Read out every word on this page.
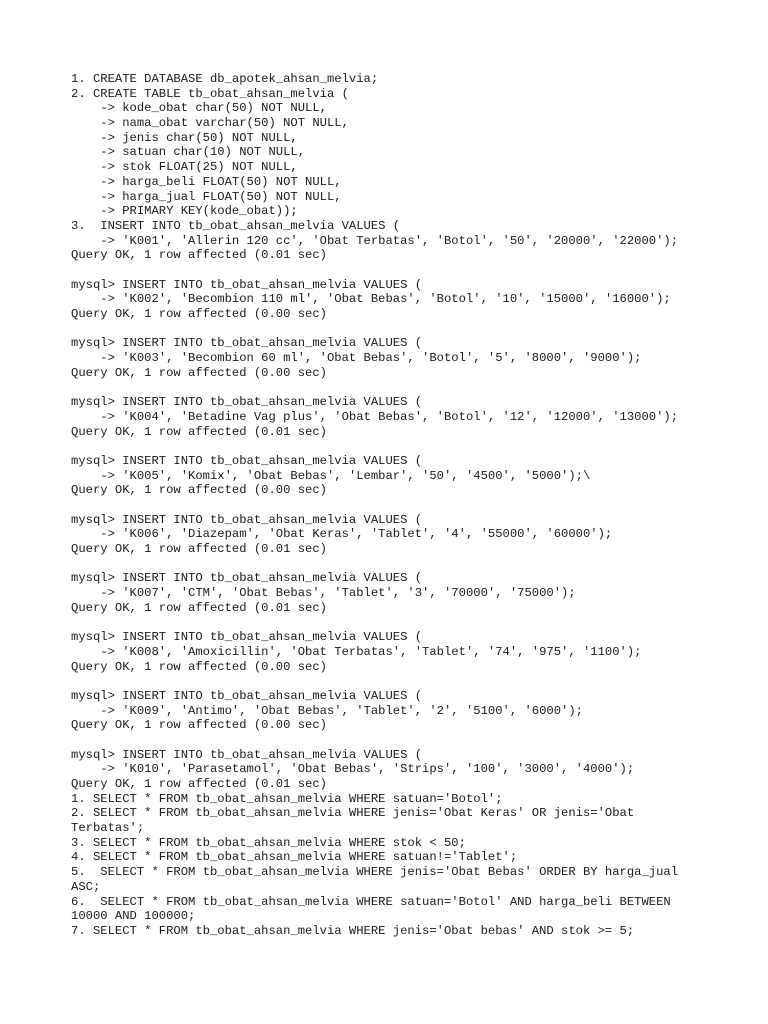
1. CREATE DATABASE db_apotek_ahsan_melvia;
2. CREATE TABLE tb_obat_ahsan_melvia (
-> kode_obat char(50) NOT NULL,
-> nama_obat varchar(50) NOT NULL,
-> jenis char(50) NOT NULL,
-> satuan char(10) NOT NULL,
-> stok FLOAT(25) NOT NULL,
-> harga_beli FLOAT(50) NOT NULL,
-> harga_jual FLOAT(50) NOT NULL,
-> PRIMARY KEY(kode_obat));
3.  INSERT INTO tb_obat_ahsan_melvia VALUES (
-> 'K001', 'Allerin 120 cc', 'Obat Terbatas', 'Botol', '50', '20000', '22000');
Query OK, 1 row affected (0.01 sec)
mysql> INSERT INTO tb_obat_ahsan_melvia VALUES (
-> 'K002', 'Becombion 110 ml', 'Obat Bebas', 'Botol', '10', '15000', '16000');
Query OK, 1 row affected (0.00 sec)
mysql> INSERT INTO tb_obat_ahsan_melvia VALUES (
-> 'K003', 'Becombion 60 ml', 'Obat Bebas', 'Botol', '5', '8000', '9000');
Query OK, 1 row affected (0.00 sec)
mysql> INSERT INTO tb_obat_ahsan_melvia VALUES (
-> 'K004', 'Betadine Vag plus', 'Obat Bebas', 'Botol', '12', '12000', '13000');
Query OK, 1 row affected (0.01 sec)
mysql> INSERT INTO tb_obat_ahsan_melvia VALUES (
-> 'K005', 'Komix', 'Obat Bebas', 'Lembar', '50', '4500', '5000');\
Query OK, 1 row affected (0.00 sec)
mysql> INSERT INTO tb_obat_ahsan_melvia VALUES (
-> 'K006', 'Diazepam', 'Obat Keras', 'Tablet', '4', '55000', '60000');
Query OK, 1 row affected (0.01 sec)
mysql> INSERT INTO tb_obat_ahsan_melvia VALUES (
-> 'K007', 'CTM', 'Obat Bebas', 'Tablet', '3', '70000', '75000');
Query OK, 1 row affected (0.01 sec)
mysql> INSERT INTO tb_obat_ahsan_melvia VALUES (
-> 'K008', 'Amoxicillin', 'Obat Terbatas', 'Tablet', '74', '975', '1100');
Query OK, 1 row affected (0.00 sec)
mysql> INSERT INTO tb_obat_ahsan_melvia VALUES (
-> 'K009', 'Antimo', 'Obat Bebas', 'Tablet', '2', '5100', '6000');
Query OK, 1 row affected (0.00 sec)
mysql> INSERT INTO tb_obat_ahsan_melvia VALUES (
-> 'K010', 'Parasetamol', 'Obat Bebas', 'Strips', '100', '3000', '4000');
Query OK, 1 row affected (0.01 sec)
1. SELECT * FROM tb_obat_ahsan_melvia WHERE satuan='Botol';
2. SELECT * FROM tb_obat_ahsan_melvia WHERE jenis='Obat Keras' OR jenis='Obat
Terbatas';
3. SELECT * FROM tb_obat_ahsan_melvia WHERE stok < 50;
4. SELECT * FROM tb_obat_ahsan_melvia WHERE satuan!='Tablet';
5.  SELECT * FROM tb_obat_ahsan_melvia WHERE jenis='Obat Bebas' ORDER BY harga_jual
ASC;
6.  SELECT * FROM tb_obat_ahsan_melvia WHERE satuan='Botol' AND harga_beli BETWEEN
10000 AND 100000;
7. SELECT * FROM tb_obat_ahsan_melvia WHERE jenis='Obat bebas' AND stok >= 5;
